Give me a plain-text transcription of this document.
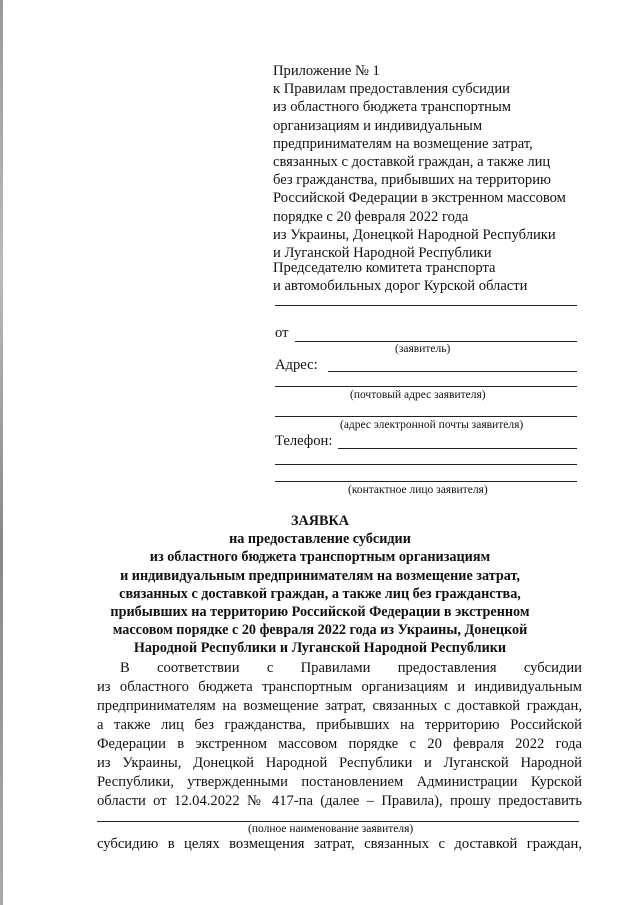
Приложение № 1
к Правилам предоставления субсидии
из областного бюджета транспортным
организациям и индивидуальным
предпринимателям на возмещение затрат,
связанных с доставкой граждан, а также лиц
без гражданства, прибывших на территорию
Российской Федерации в экстренном массовом
порядке с 20 февраля 2022 года
из Украины, Донецкой Народной Республики
и Луганской Народной Республики
Председателю комитета транспорта
и автомобильных дорог Курской области
от
(заявитель)
Адрес:
(почтовый адрес заявителя)
(адрес электронной почты заявителя)
Телефон:
(контактное лицо заявителя)
ЗАЯВКА
на предоставление субсидии
из областного бюджета транспортным организациям
и индивидуальным предпринимателям на возмещение затрат,
связанных с доставкой граждан, а также лиц без гражданства,
прибывших на территорию Российской Федерации в экстренном
массовом порядке с 20 февраля 2022 года из Украины, Донецкой
Народной Республики и Луганской Народной Республики
В соответствии с Правилами предоставления субсидии
из областного бюджета транспортным организациям и индивидуальным
предпринимателям на возмещение затрат, связанных с доставкой граждан,
а также лиц без гражданства, прибывших на территорию Российской
Федерации в экстренном массовом порядке с 20 февраля 2022 года
из Украины, Донецкой Народной Республики и Луганской Народной
Республики, утвержденными постановлением Администрации Курской
области от 12.04.2022 № 417-па (далее – Правила), прошу предоставить
(полное наименование заявителя)
субсидию в целях возмещения затрат, связанных с доставкой граждан,
